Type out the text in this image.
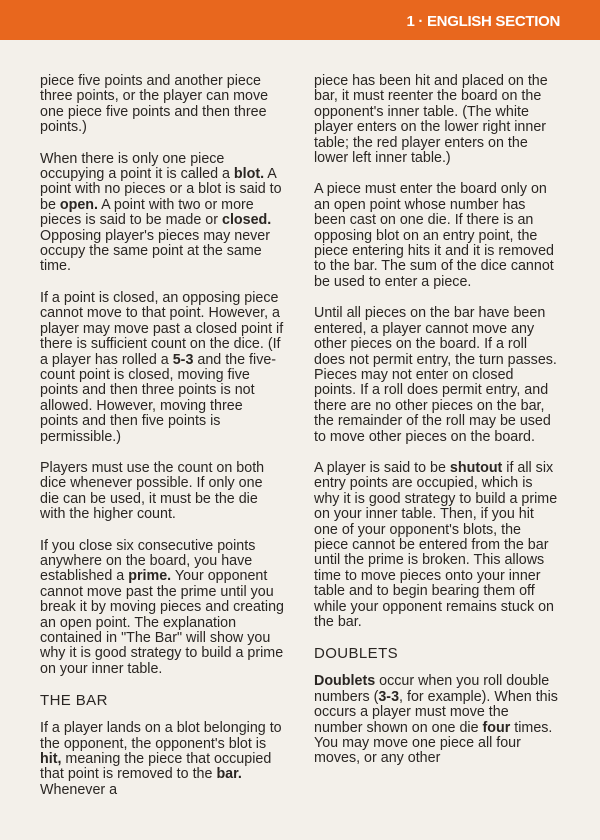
1 · ENGLISH SECTION

piece five points and another piece three points, or the player can move one piece five points and then three points.)

When there is only one piece occupying a point it is called a blot. A point with no pieces or a blot is said to be open. A point with two or more pieces is said to be made or closed. Opposing player's pieces may never occupy the same point at the same time.

If a point is closed, an opposing piece cannot move to that point. However, a player may move past a closed point if there is sufficient count on the dice. (If a player has rolled a 5-3 and the five-count point is closed, moving five points and then three points is not allowed. However, moving three points and then five points is permissible.)

Players must use the count on both dice whenever possible. If only one die can be used, it must be the die with the higher count.

If you close six consecutive points anywhere on the board, you have established a prime. Your opponent cannot move past the prime until you break it by moving pieces and creating an open point. The explanation contained in "The Bar" will show you why it is good strategy to build a prime on your inner table.

THE BAR

If a player lands on a blot belonging to the opponent, the opponent's blot is hit, meaning the piece that occupied that point is removed to the bar. Whenever a

piece has been hit and placed on the bar, it must reenter the board on the opponent's inner table. (The white player enters on the lower right inner table; the red player enters on the lower left inner table.)

A piece must enter the board only on an open point whose number has been cast on one die. If there is an opposing blot on an entry point, the piece entering hits it and it is removed to the bar. The sum of the dice cannot be used to enter a piece.

Until all pieces on the bar have been entered, a player cannot move any other pieces on the board. If a roll does not permit entry, the turn passes. Pieces may not enter on closed points. If a roll does permit entry, and there are no other pieces on the bar, the remainder of the roll may be used to move other pieces on the board.

A player is said to be shutout if all six entry points are occupied, which is why it is good strategy to build a prime on your inner table. Then, if you hit one of your opponent's blots, the piece cannot be entered from the bar until the prime is broken. This allows time to move pieces onto your inner table and to begin bearing them off while your opponent remains stuck on the bar.

DOUBLETS

Doublets occur when you roll double numbers (3-3, for example). When this occurs a player must move the number shown on one die four times. You may move one piece all four moves, or any other
